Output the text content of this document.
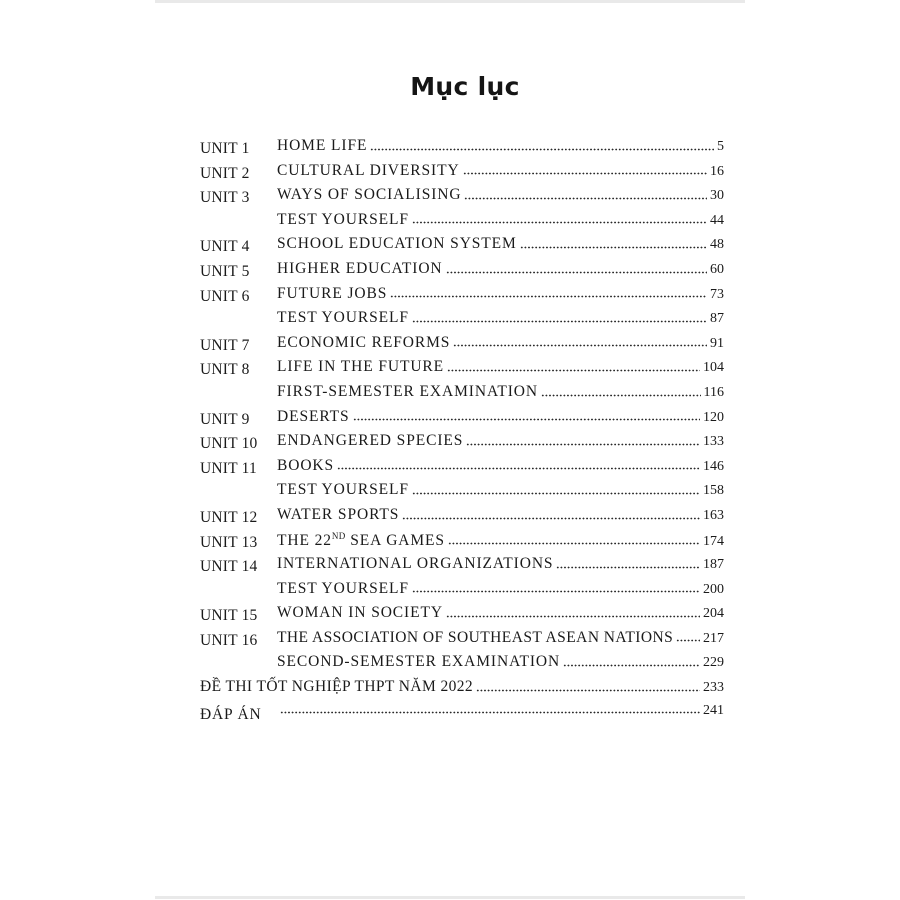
Mục lục
UNIT 1 HOME LIFE	5
UNIT 2 CULTURAL DIVERSITY	16
UNIT 3 WAYS OF SOCIALISING	30
TEST YOURSELF	44
UNIT 4 SCHOOL EDUCATION SYSTEM	48
UNIT 5 HIGHER EDUCATION	60
UNIT 6 FUTURE JOBS	73
TEST YOURSELF	87
UNIT 7 ECONOMIC REFORMS	91
UNIT 8 LIFE IN THE FUTURE	104
FIRST-SEMESTER EXAMINATION	116
UNIT 9 DESERTS	120
UNIT 10 ENDANGERED SPECIES	133
UNIT 11 BOOKS	146
TEST YOURSELF	158
UNIT 12 WATER SPORTS	163
UNIT 13 THE 22ND SEA GAMES	174
UNIT 14 INTERNATIONAL ORGANIZATIONS	187
TEST YOURSELF	200
UNIT 15 WOMAN IN SOCIETY	204
UNIT 16 THE ASSOCIATION OF SOUTHEAST ASEAN NATIONS 217
SECOND-SEMESTER EXAMINATION	229
ĐỀ THI TỐT NGHIỆP THPT NĂM 2022	233
ĐÁP ÁN	241
